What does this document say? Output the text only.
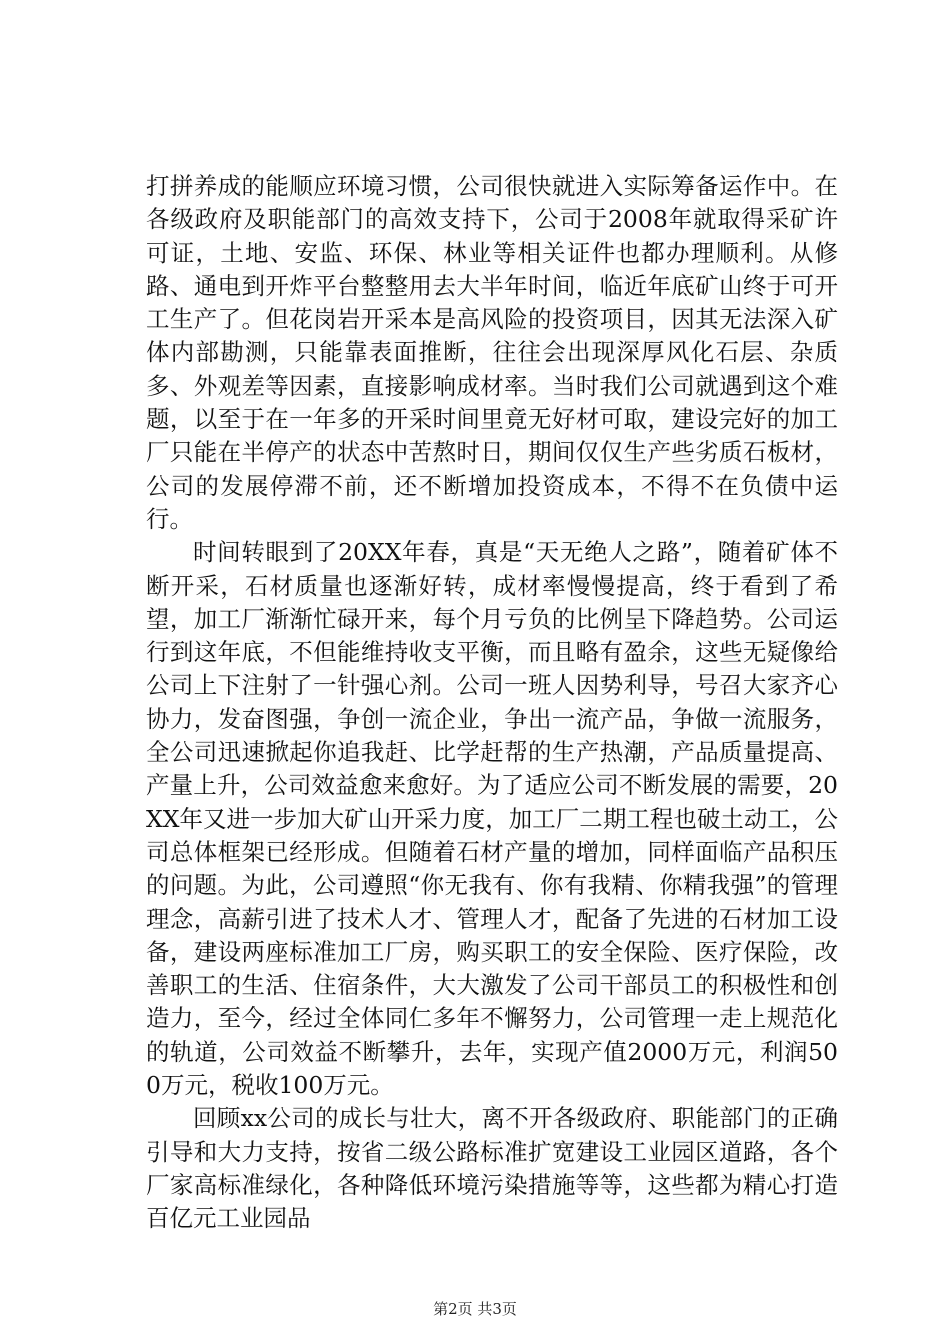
打拼养成的能顺应环境习惯，公司很快就进入实际筹备运作中。在各级政府及职能部门的高效支持下，公司于2008年就取得采矿许可证，土地、安监、环保、林业等相关证件也都办理顺利。从修路、通电到开炸平台整整用去大半年时间，临近年底矿山终于可开工生产了。但花岗岩开采本是高风险的投资项目，因其无法深入矿体内部勘测，只能靠表面推断，往往会出现深厚风化石层、杂质多、外观差等因素，直接影响成材率。当时我们公司就遇到这个难题，以至于在一年多的开采时间里竟无好材可取，建设完好的加工厂只能在半停产的状态中苦熬时日，期间仅仅生产些劣质石板材，公司的发展停滞不前，还不断增加投资成本，不得不在负债中运行。

时间转眼到了20XX年春，真是“天无绝人之路”，随着矿体不断开采，石材质量也逐渐好转，成材率慢慢提高，终于看到了希望，加工厂渐渐忙碌开来，每个月亏负的比例呈下降趋势。公司运行到这年底，不但能维持收支平衡，而且略有盈余，这些无疑像给公司上下注射了一针强心剂。公司一班人因势利导，号召大家齐心协力，发奋图强，争创一流企业，争出一流产品，争做一流服务，全公司迅速掀起你追我赶、比学赶帮的生产热潮，产品质量提高、产量上升，公司效益愈来愈好。为了适应公司不断发展的需要，20XX年又进一步加大矿山开采力度，加工厂二期工程也破土动工，公司总体框架已经形成。但随着石材产量的增加，同样面临产品积压的问题。为此，公司遵照“你无我有、你有我精、你精我强”的管理理念，高薪引进了技术人才、管理人才，配备了先进的石材加工设备，建设两座标准加工厂房，购买职工的安全保险、医疗保险，改善职工的生活、住宿条件，大大激发了公司干部员工的积极性和创造力，至今，经过全体同仁多年不懈努力，公司管理一走上规范化的轨道，公司效益不断攀升，去年，实现产值2000万元，利润500万元，税收100万元。

回顾xx公司的成长与壮大，离不开各级政府、职能部门的正确引导和大力支持，按省二级公路标准扩宽建设工业园区道路，各个厂家高标准绿化，各种降低环境污染措施等等，这些都为精心打造百亿元工业园品

第2页 共3页
